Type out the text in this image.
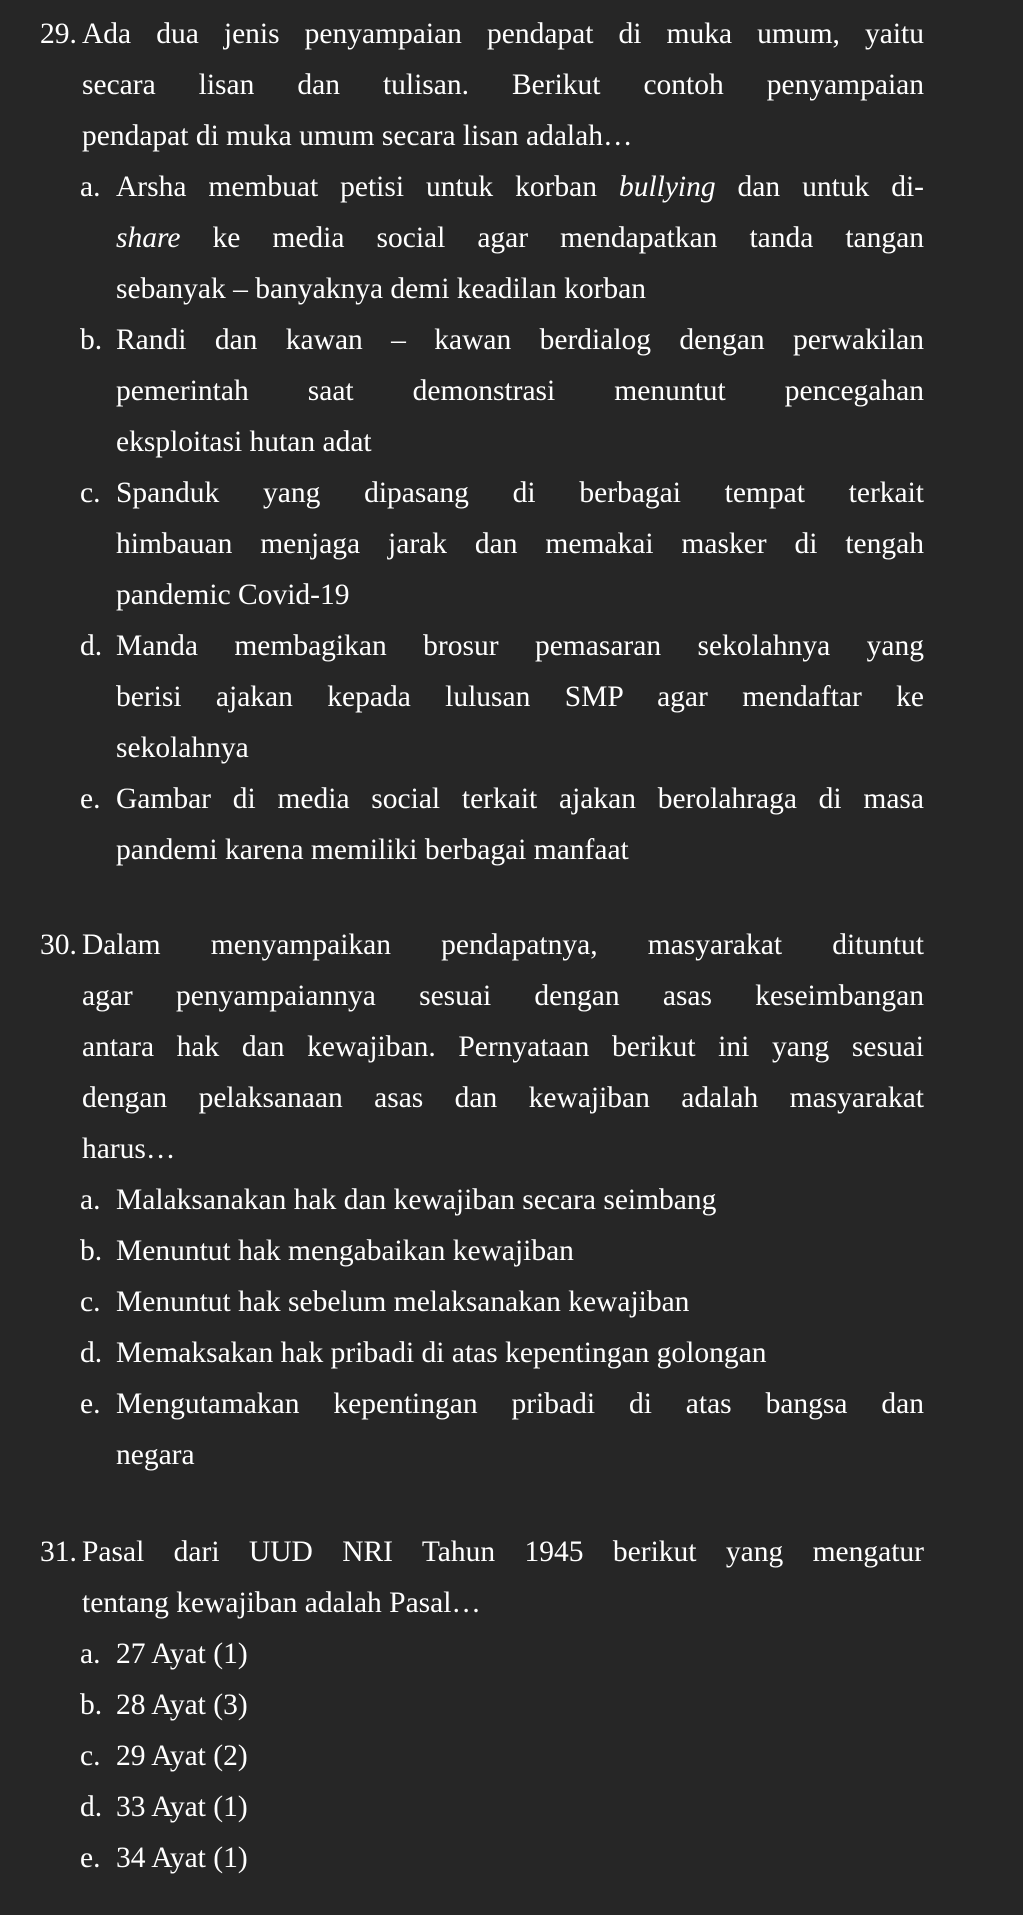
29. Ada dua jenis penyampaian pendapat di muka umum, yaitu
secara lisan dan tulisan. Berikut contoh penyampaian
pendapat di muka umum secara lisan adalah…
a. Arsha membuat petisi untuk korban bullying dan untuk di-
share ke media social agar mendapatkan tanda tangan
sebanyak – banyaknya demi keadilan korban
b. Randi dan kawan – kawan berdialog dengan perwakilan
pemerintah saat demonstrasi menuntut pencegahan
eksploitasi hutan adat
c. Spanduk yang dipasang di berbagai tempat terkait
himbauan menjaga jarak dan memakai masker di tengah
pandemic Covid-19
d. Manda membagikan brosur pemasaran sekolahnya yang
berisi ajakan kepada lulusan SMP agar mendaftar ke
sekolahnya
e. Gambar di media social terkait ajakan berolahraga di masa
pandemi karena memiliki berbagai manfaat
30. Dalam menyampaikan pendapatnya, masyarakat dituntut
agar penyampaiannya sesuai dengan asas keseimbangan
antara hak dan kewajiban. Pernyataan berikut ini yang sesuai
dengan pelaksanaan asas dan kewajiban adalah masyarakat
harus…
a. Malaksanakan hak dan kewajiban secara seimbang
b. Menuntut hak mengabaikan kewajiban
c. Menuntut hak sebelum melaksanakan kewajiban
d. Memaksakan hak pribadi di atas kepentingan golongan
e. Mengutamakan kepentingan pribadi di atas bangsa dan
negara
31. Pasal dari UUD NRI Tahun 1945 berikut yang mengatur
tentang kewajiban adalah Pasal…
a. 27 Ayat (1)
b. 28 Ayat (3)
c. 29 Ayat (2)
d. 33 Ayat (1)
e. 34 Ayat (1)
